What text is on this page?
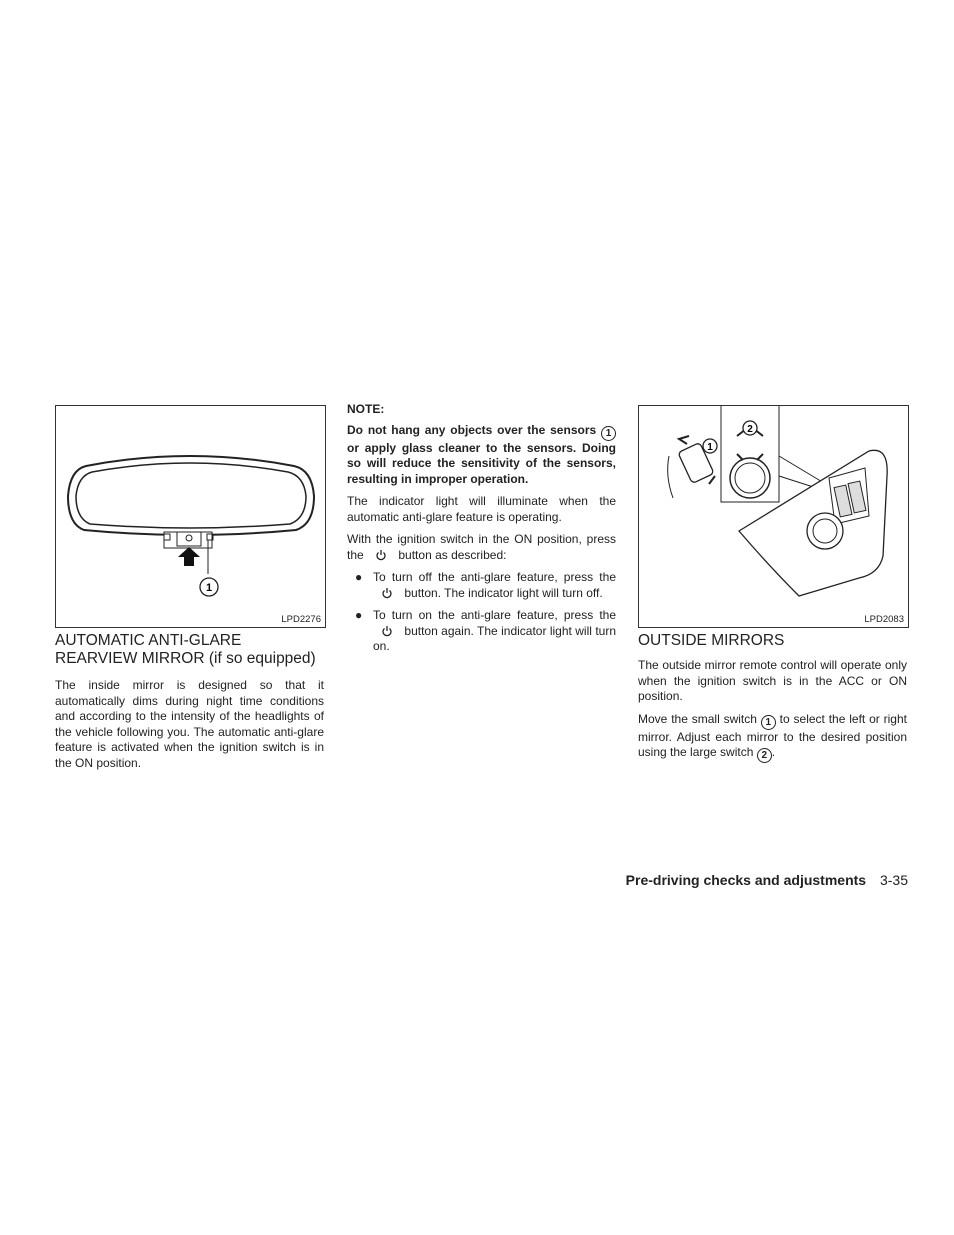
1
LPD2276
AUTOMATIC ANTI-GLARE
REARVIEW MIRROR (if so equipped)

The inside mirror is designed so that it automatically dims during night time conditions and according to the intensity of the headlights of the vehicle following you. The automatic anti-glare feature is activated when the ignition switch is in the ON position.

NOTE:

Do not hang any objects over the sensors 1 or apply glass cleaner to the sensors. Doing so will reduce the sensitivity of the sensors, resulting in improper operation.

The indicator light will illuminate when the automatic anti-glare feature is operating.

With the ignition switch in the ON position, press the	button as described:

● To turn off the anti-glare feature, press the  button. The indicator light will turn off.
● To turn on the anti-glare feature, press the  button again. The indicator light will turn on.
1
2
LPD2083
OUTSIDE MIRRORS

The outside mirror remote control will operate only when the ignition switch is in the ACC or ON position.

Move the small switch 1 to select the left or right mirror. Adjust each mirror to the desired position using the large switch 2 .

Pre-driving checks and adjustments 3-35
